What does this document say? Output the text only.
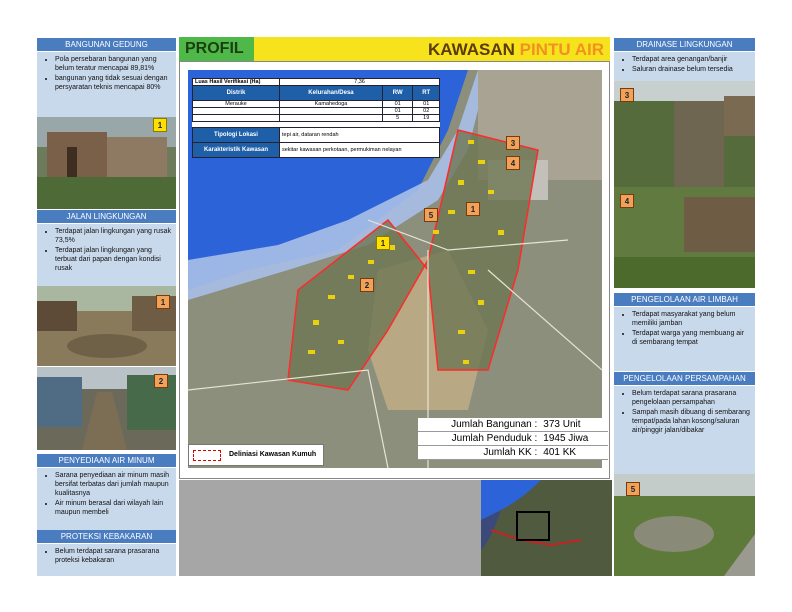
BANGUNAN GEDUNG
• Pola persebaran bangunan yang belum teratur mencapai 89,81%
• bangunan yang tidak sesuai dengan persyaratan teknis mencapai 80%
1
JALAN LINGKUNGAN
• Terdapat jalan lingkungan yang rusak 73,5%
• Terdapat jalan lingkungan yang terbuat dari papan dengan kondisi rusak
1
2
PENYEDIAAN AIR MINUM
• Sarana penyediaan air minum masih bersifat terbatas dari jumlah maupun kualitasnya
• Air minum berasal dari wilayah lain maupun membeli
PROTEKSI KEBAKARAN
• Belum terdapat sarana prasarana proteksi kebakaran
PROFIL	KAWASAN PINTU AIR
Luas Hasil Verifikasi (Ha)	7,36		
Distrik	Kelurahan/Desa	RW	RT
Merauke	Kamahedoga	01	01
		01	02
		5	19
Tipologi Lokasi	tepi air, dataran rendah
Karakteristik Kawasan	sekitar kawasan perkotaan, permukiman nelayan
1
2
3
4
5
1
Deliniasi Kawasan Kumuh
Jumlah Bangunan :	373 Unit
Jumlah Penduduk :	1945 Jiwa
Jumlah KK :	401 KK
DRAINASE LINGKUNGAN
• Terdapat area genangan/banjir
• Saluran drainase belum tersedia
3
4
PENGELOLAAN AIR LIMBAH
• Terdapat masyarakat yang belum memiliki jamban
• Terdapat warga yang membuang air di sembarang tempat
PENGELOLAAN PERSAMPAHAN
• Belum terdapat sarana prasarana pengelolaan persampahan
• Sampah masih dibuang di sembarang tempat/pada lahan kosong/saluran air/pinggir jalan/dibakar
5
